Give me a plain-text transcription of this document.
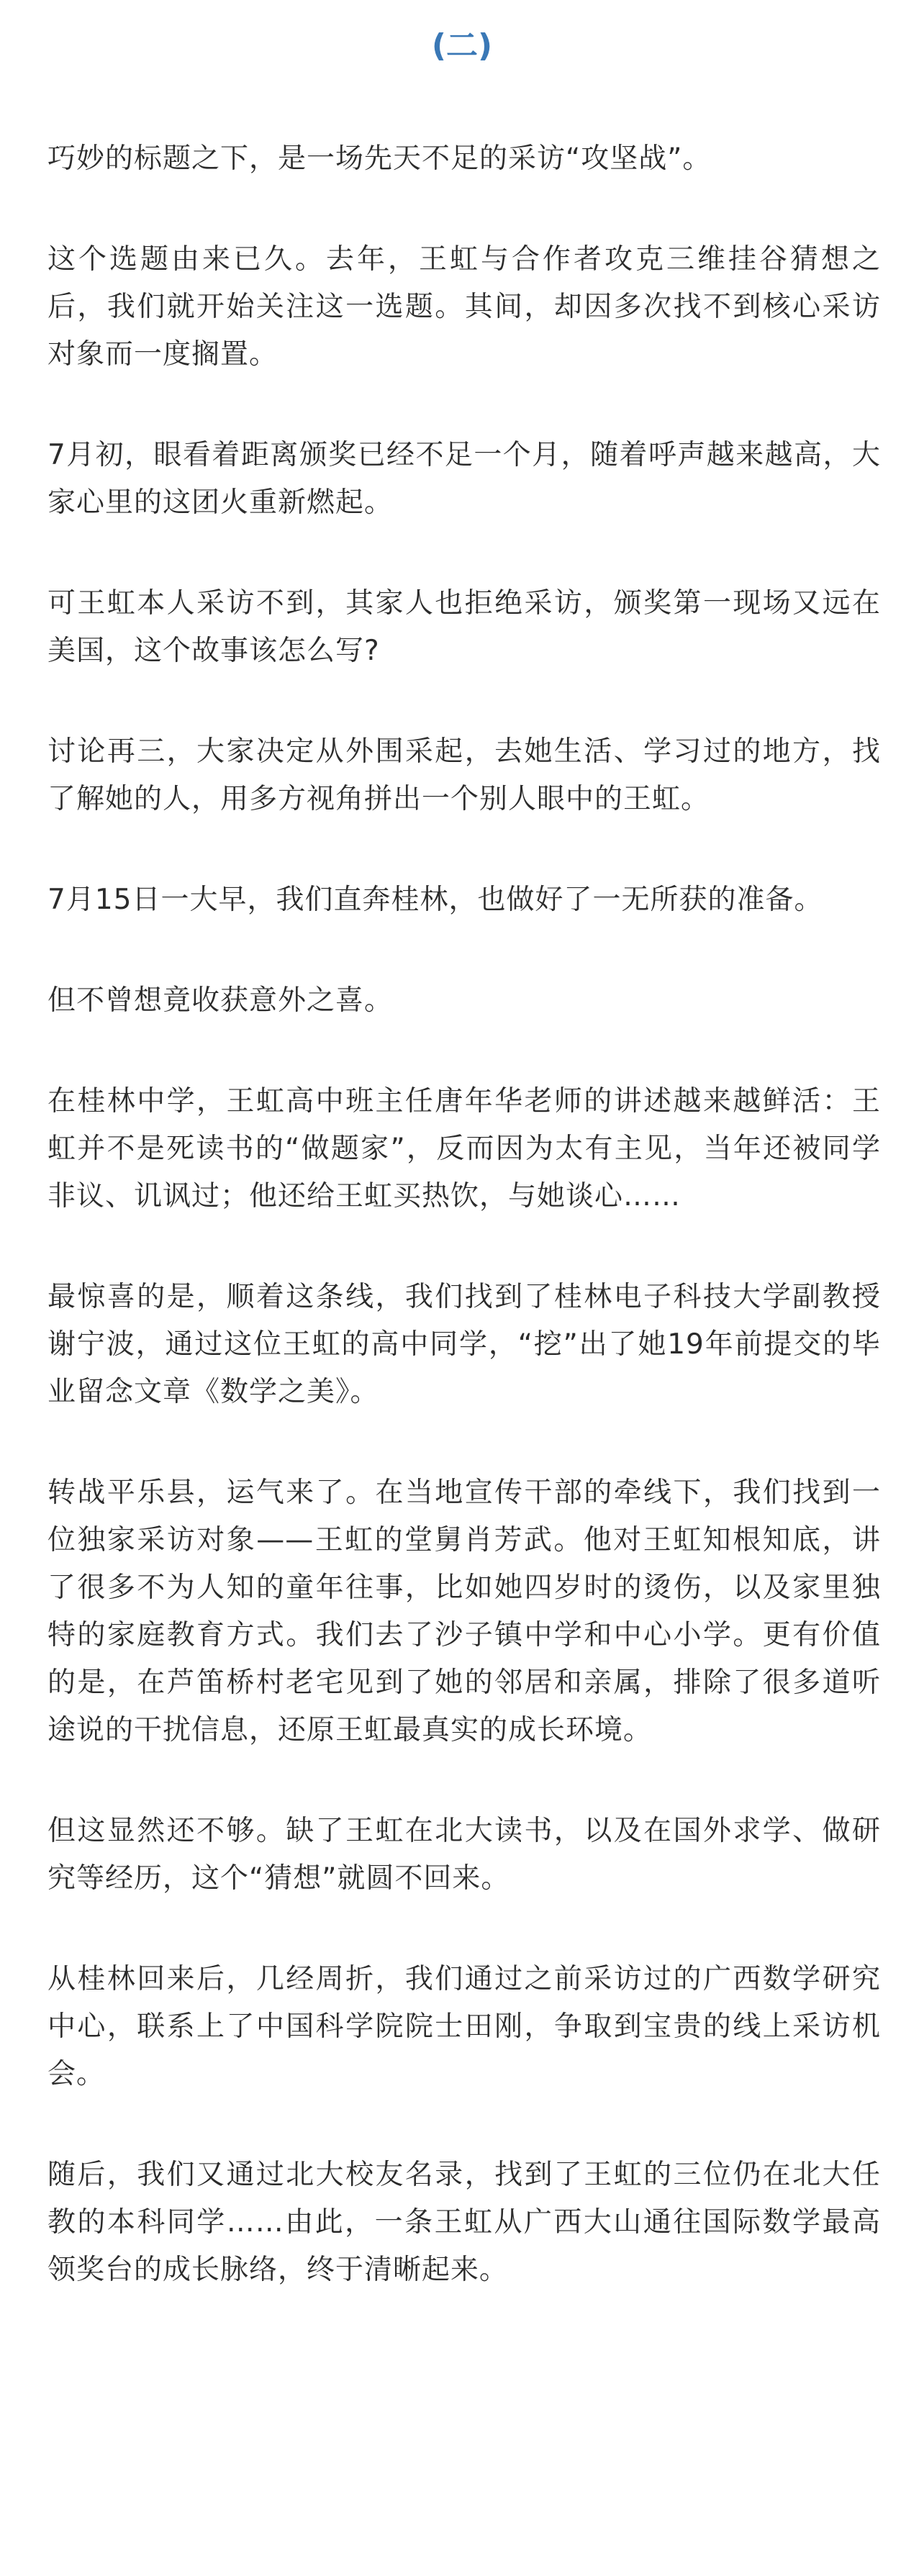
(二)

巧妙的标题之下，是一场先天不足的采访“攻坚战”。

这个选题由来已久。去年，王虹与合作者攻克三维挂谷猜想之后，我们就开始关注这一选题。其间，却因多次找不到核心采访对象而一度搁置。

7月初，眼看着距离颁奖已经不足一个月，随着呼声越来越高，大家心里的这团火重新燃起。

可王虹本人采访不到，其家人也拒绝采访，颁奖第一现场又远在美国，这个故事该怎么写?

讨论再三，大家决定从外围采起，去她生活、学习过的地方，找了解她的人，用多方视角拼出一个别人眼中的王虹。

7月15日一大早，我们直奔桂林，也做好了一无所获的准备。

但不曾想竟收获意外之喜。

在桂林中学，王虹高中班主任唐年华老师的讲述越来越鲜活：王虹并不是死读书的“做题家”，反而因为太有主见，当年还被同学非议、讥讽过；他还给王虹买热饮，与她谈心……

最惊喜的是，顺着这条线，我们找到了桂林电子科技大学副教授谢宁波，通过这位王虹的高中同学，“挖”出了她19年前提交的毕业留念文章《数学之美》。

转战平乐县，运气来了。在当地宣传干部的牵线下，我们找到一位独家采访对象——王虹的堂舅肖芳武。他对王虹知根知底，讲了很多不为人知的童年往事，比如她四岁时的烫伤，以及家里独特的家庭教育方式。我们去了沙子镇中学和中心小学。更有价值的是，在芦笛桥村老宅见到了她的邻居和亲属，排除了很多道听途说的干扰信息，还原王虹最真实的成长环境。

但这显然还不够。缺了王虹在北大读书，以及在国外求学、做研究等经历，这个“猜想”就圆不回来。

从桂林回来后，几经周折，我们通过之前采访过的广西数学研究中心，联系上了中国科学院院士田刚，争取到宝贵的线上采访机会。

随后，我们又通过北大校友名录，找到了王虹的三位仍在北大任教的本科同学……由此，一条王虹从广西大山通往国际数学最高领奖台的成长脉络，终于清晰起来。
